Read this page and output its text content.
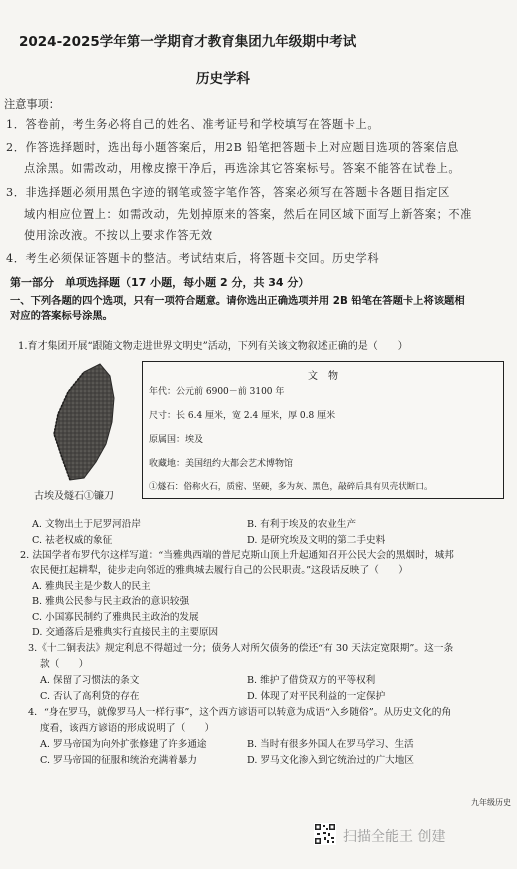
2024-2025学年第一学期育才教育集团九年级期中考试
历史学科
注意事项：
1．答卷前，考生务必将自己的姓名、准考证号和学校填写在答题卡上。
2．作答选择题时，选出每小题答案后，用2B 铅笔把答题卡上对应题目选项的答案信息
点涂黑。如需改动，用橡皮擦干净后，再选涂其它答案标号。答案不能答在试卷上。
3．非选择题必须用黑色字迹的钢笔或签字笔作答，答案必须写在答题卡各题目指定区
域内相应位置上：如需改动，先划掉原来的答案，然后在同区域下面写上新答案；不准
使用涂改液。不按以上要求作答无效
4．考生必须保证答题卡的整洁。考试结束后，将答题卡交回。历史学科
第一部分　单项选择题（17 小题，每小题 2 分，共 34 分）
一、下列各题的四个选项，只有一项符合题意。请你选出正确选项并用 2B 铅笔在答题卡上将该题相
对应的答案标号涂黑。
1.育才集团开展“跟随文物走进世界文明史”活动，下列有关该文物叙述正确的是（　　）
古埃及燧石①镰刀
文　物
年代：公元前 6900－前 3100 年
尺寸：长 6.4 厘米，宽 2.4 厘米，厚 0.8 厘米
原属国：埃及
收藏地：美国纽约大都会艺术博物馆
①燧石：俗称火石，质密、坚硬，多为灰、黑色，敲碎后具有贝壳状断口。
A. 文物出土于尼罗河沿岸	B. 有利于埃及的农业生产
C. 祛老权威的象征	D. 是研究埃及文明的第二手史料
2. 法国学者布罗代尔这样写道：“当雅典西端的普尼克斯山顶上升起通知召开公民大会的黑烟时，城邦
农民便扛起耕犁，徒步走向邻近的雅典城去履行自己的公民职责。”这段话反映了（　　）
A. 雅典民主是少数人的民主
B. 雅典公民参与民主政治的意识较强
C. 小国寡民制约了雅典民主政治的发展
D. 交通落后是雅典实行直接民主的主要原因
3.《十二铜表法》规定利息不得超过一分；债务人对所欠债务的偿还“有 30 天法定宽限期”。这一条
款（　　）
A. 保留了习惯法的条文	B. 维护了借贷双方的平等权利
C. 否认了高利贷的存在	D. 体现了对平民利益的一定保护
4．“身在罗马，就像罗马人一样行事”，这个西方谚语可以转意为成语“入乡随俗”。从历史文化的角
度看，该西方谚语的形成说明了（　　）
A. 罗马帝国为向外扩张修建了许多通途	B. 当时有很多外国人在罗马学习、生活
C. 罗马帝国的征服和统治充满着暴力	D. 罗马文化渗入到它统治过的广大地区
九年级历史
扫描全能王 创建
